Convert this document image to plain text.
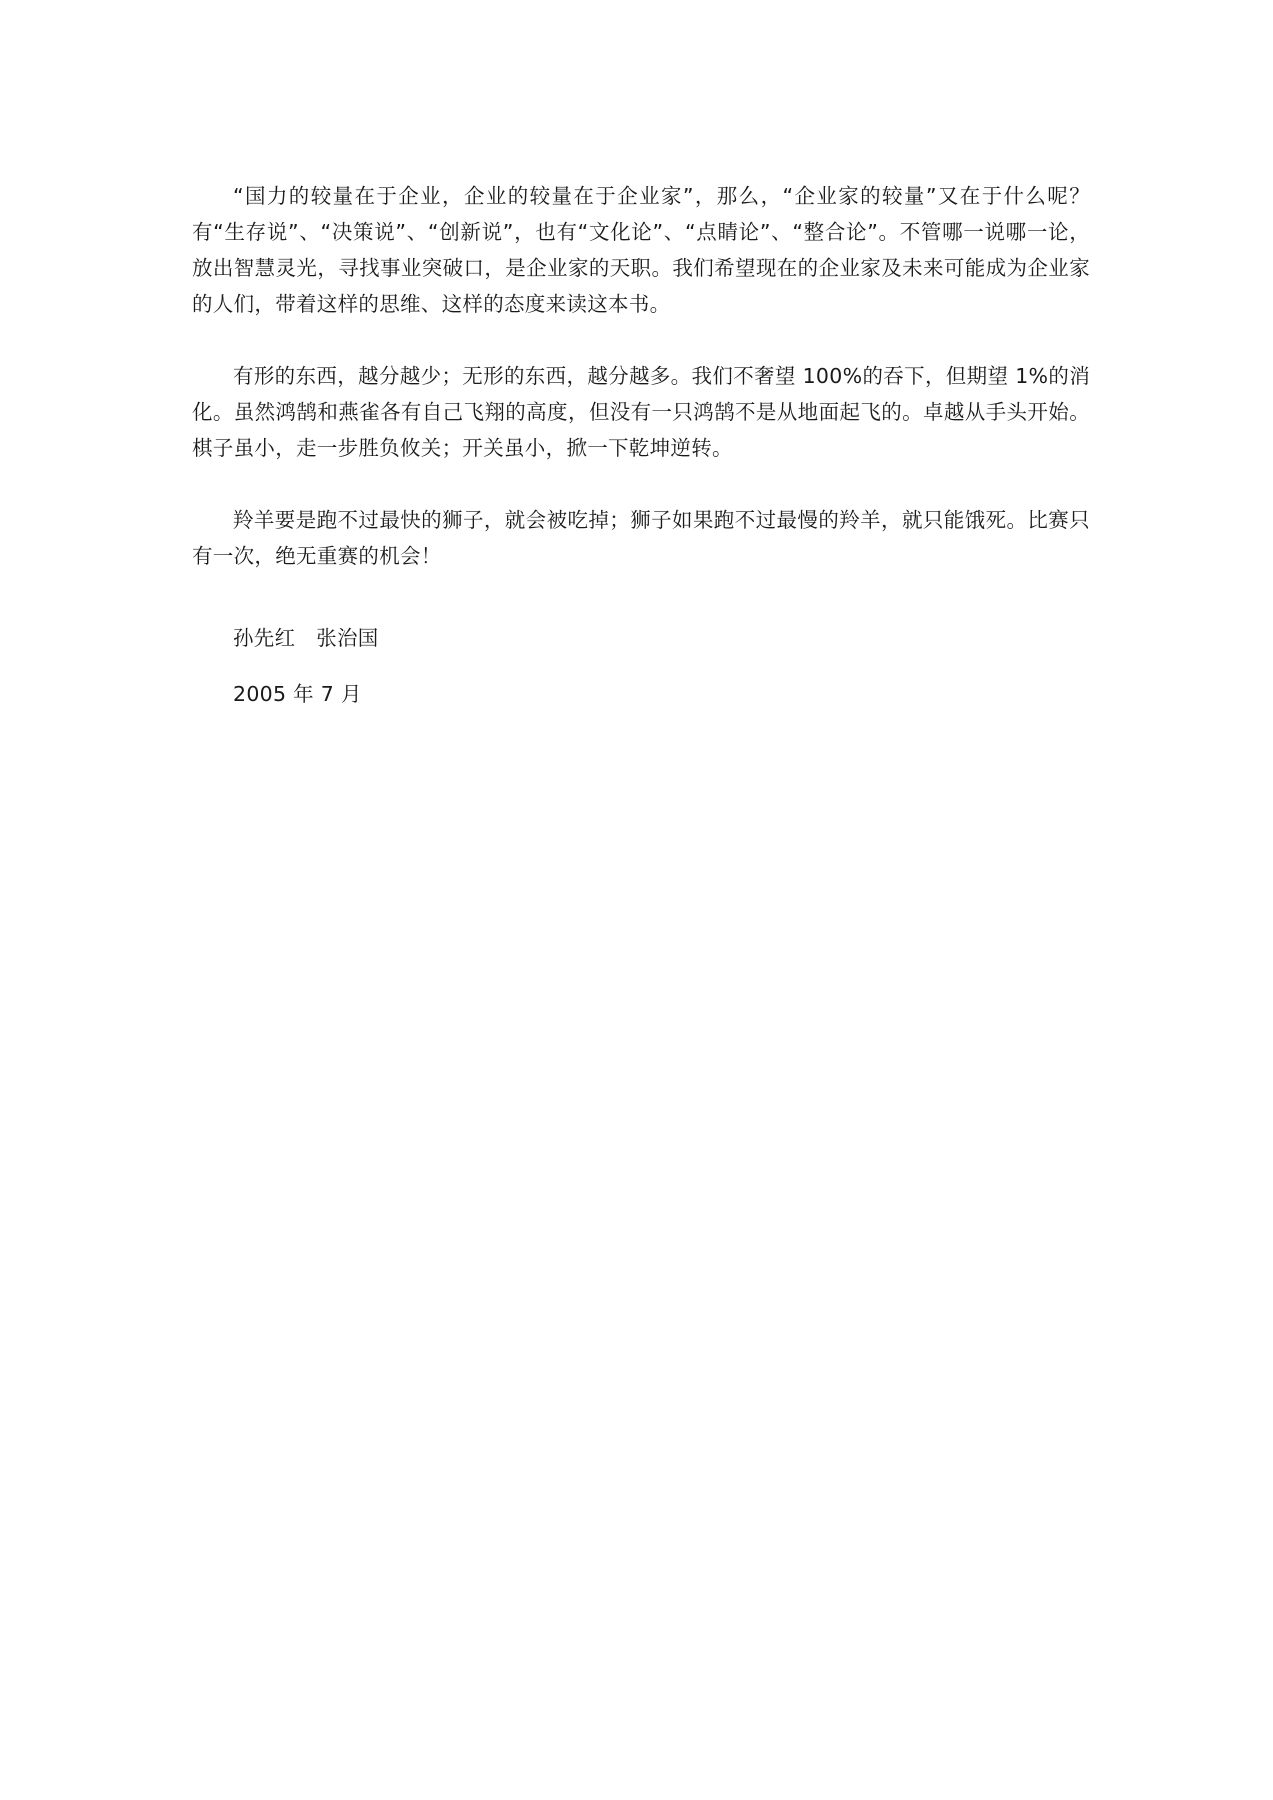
“国力的较量在于企业，企业的较量在于企业家”，那么，“企业家的较量”又在于什么呢？有“生存说”、“决策说”、“创新说”，也有“文化论”、“点睛论”、“整合论”。不管哪一说哪一论，放出智慧灵光，寻找事业突破口，是企业家的天职。我们希望现在的企业家及未来可能成为企业家的人们，带着这样的思维、这样的态度来读这本书。

有形的东西，越分越少；无形的东西，越分越多。我们不奢望 100%的吞下，但期望 1%的消化。虽然鸿鹄和燕雀各有自己飞翔的高度，但没有一只鸿鹄不是从地面起飞的。卓越从手头开始。棋子虽小，走一步胜负攸关；开关虽小，掀一下乾坤逆转。

羚羊要是跑不过最快的狮子，就会被吃掉；狮子如果跑不过最慢的羚羊，就只能饿死。比赛只有一次，绝无重赛的机会！

孙先红　张治国

2005 年 7 月
